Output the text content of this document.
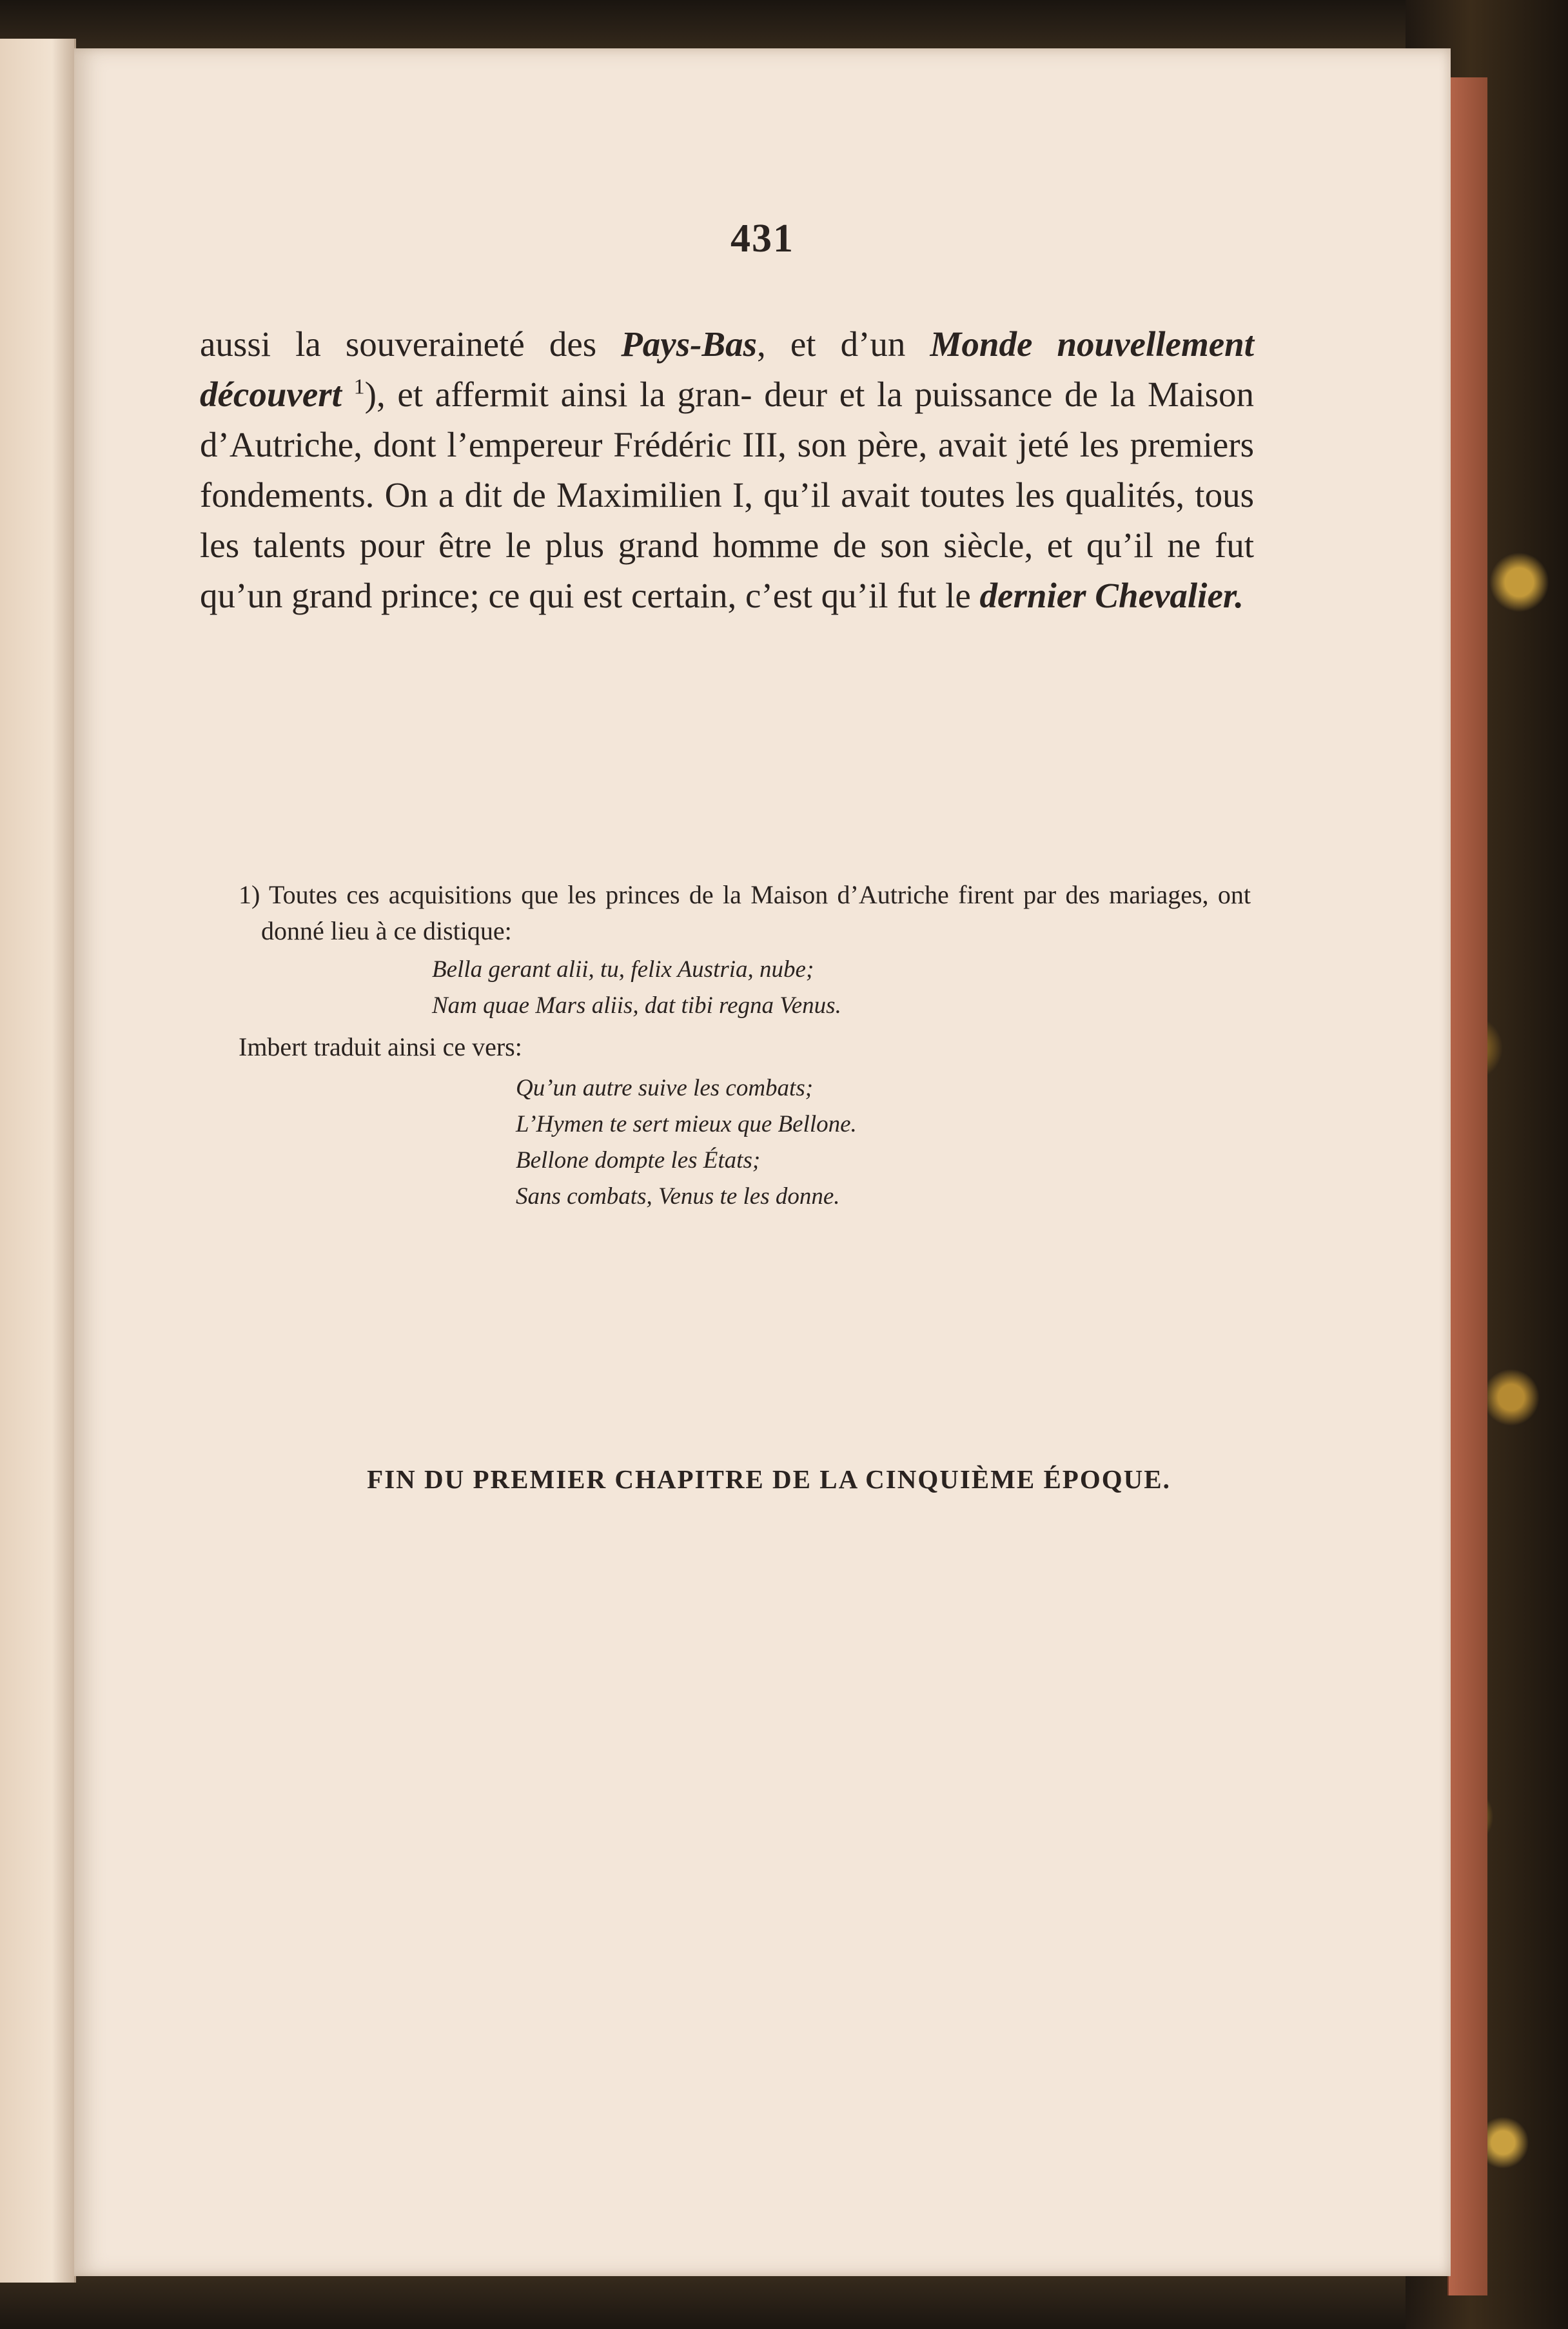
431
aussi la souveraineté des Pays-Bas, et d’un Monde nouvellement découvert $^1$), et affermit ainsi la gran- deur et la puissance de la Maison d’Autriche, dont l’empereur Frédéric III, son père, avait jeté les premiers fondements. On a dit de Maximilien I, qu’il avait toutes les qualités, tous les talents pour être le plus grand homme de son siècle, et qu’il ne fut qu’un grand prince; ce qui est certain, c’est qu’il fut le dernier Chevalier.
1) Toutes ces acquisitions que les princes de la Maison d’Autriche firent par des mariages, ont donné lieu à ce distique:
Bella gerant alii, tu, felix Austria, nube;
Nam quae Mars aliis, dat tibi regna Venus.
Imbert traduit ainsi ce vers:
Qu’un autre suive les combats;
L’Hymen te sert mieux que Bellone.
Bellone dompte les États;
Sans combats, Venus te les donne.
FIN DU PREMIER CHAPITRE DE LA CINQUIÈME ÉPOQUE.
